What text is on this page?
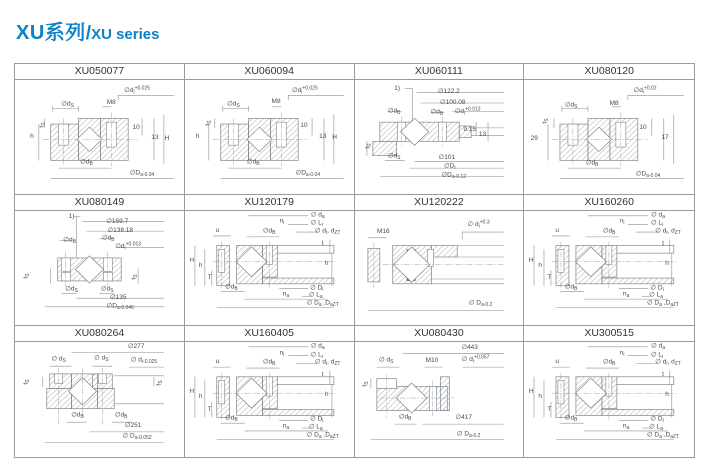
XU系列/XU series
XU050077
$\emptyset d_S$	M8
$\emptyset d_i^{+0.025}$
$t_S$
h
10
13 H
$\emptyset d_B$
$\emptyset D_{a-0.04}$
XU060094
$\emptyset d_i^{+0.025}$
$\emptyset d_S$
M8
$t_S$
h
10
13 H
$\emptyset d_B$
$\emptyset D_{a-0.04}$
XU060111
1)
∅122.2
∅100.08
$\emptyset d_B$	$\emptyset d_B$ $\emptyset d_i^{+0.013}$
9.15
13
$t_S$
$\emptyset d_S$	∅101
$\emptyset D_i$
$\emptyset D_{a-0.12}$
XU080120
$\emptyset d_i^{+0.02}$
$\emptyset d_S$	M8
$t_S$
29
10
17
$\emptyset d_B$
$\emptyset D_{a-0.04}$
XU080149
1)
∅159.7
∅138.18
$\emptyset d_B$
$\emptyset d_B$
$\emptyset d_i^{+0.013}$
$t_S$
$t_S$
$\emptyset d_S$	$\emptyset d_S$
∅135
$\emptyset D_{a-0.046}$
XU120179
u	$\emptyset d_B$
$n_i$
∅ $d_a$
∅ $L_i$
∅ $d_i$, $d_{ZT}$
H
h
T
t
h
$\emptyset d_B$	∅ $D_i$
$n_a$	∅ $L_a$
∅ $D_a$ $,D_{aZT}$
XU120222
M16
∅ $d_i^{+0.3}$
∅ $D_{a-0.2}$
XU160260
u	$\emptyset d_B$
$n_i$
∅ $d_a$
∅ $L_i$
∅ $d_i$, $d_{ZT}$
H
h
T
t
h
$\emptyset d_B$	∅ $D_i$
$n_a$	∅ $L_a$
∅ $D_a$ $,D_{aZT}$
XU080264
∅277
∅ $d_S$	∅ $d_S$	∅ $d_{i-0.025}$
$t_S$
$t_S$
$\emptyset d_B$	$\emptyset d_B$
∅251
∅ $D_{a-0.052}$
XU160405
u	$\emptyset d_B$
$n_i$
∅ $d_a$
∅ $L_i$
∅ $d_i$, $d_{ZT}$
H
h
T
t
h
$\emptyset d_B$	∅ $D_i$
$n_a$	∅ $L_a$
∅ $D_a$ $,D_{aZT}$
XU080430
∅443
∅ $d_S$	M10	∅ $d_i^{+0.057}$
$t_S$
$\emptyset d_B$	∅417
∅ $D_{a-0.2}$
XU300515
u	$\emptyset d_B$
$n_i$
∅ $d_a$
∅ $L_i$
∅ $d_i$, $d_{ZT}$
H
h
T
t
h
$\emptyset d_B$	∅ $D_i$
$n_a$	∅ $L_a$
∅ $D_a$ $,D_{aZT}$
